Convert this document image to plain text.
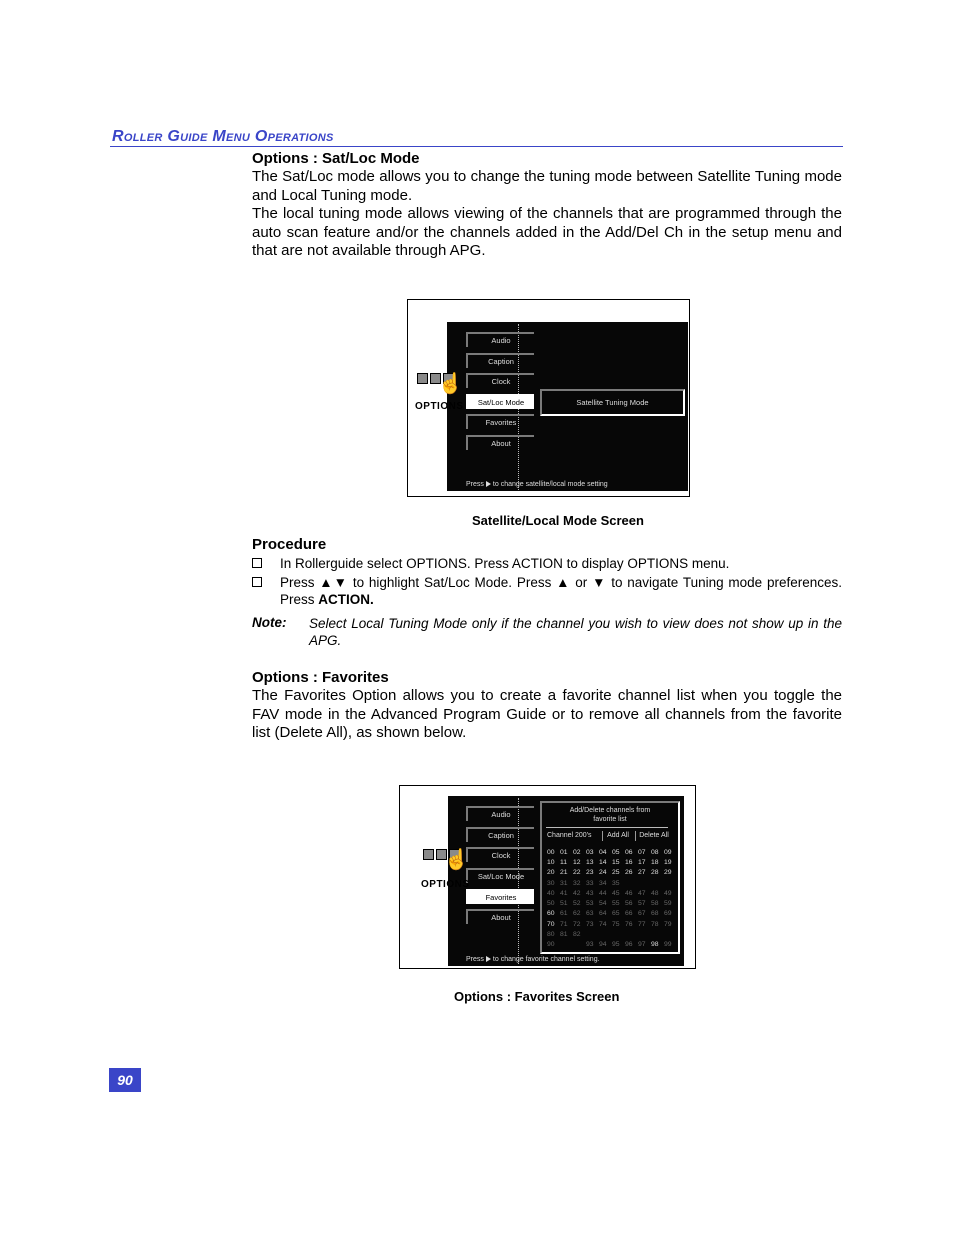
Roller Guide Menu Operations
Options : Sat/Loc Mode
The Sat/Loc mode allows you to change the tuning mode between Satellite Tuning mode and Local Tuning mode.
The local tuning mode allows viewing of the channels that are programmed through the auto scan feature and/or the channels added in the Add/Del Ch in the setup menu and that are not available through APG.
Audio
Caption
Clock
Sat/Loc Mode
Favorites
About
Satellite Tuning Mode
☝
OPTIONS
Press to change satellite/local mode setting
Satellite/Local Mode Screen
Procedure
In Rollerguide select OPTIONS. Press ACTION to display OPTIONS menu.
Press ▲▼ to highlight Sat/Loc Mode. Press ▲ or ▼ to navigate Tuning mode preferences. Press ACTION.
Note: Select Local Tuning Mode only if the channel you wish to view does not show up in the APG.
Options : Favorites
The Favorites Option allows you to create a favorite channel list when you toggle the FAV mode in the Advanced Program Guide or to remove all channels from the favorite list (Delete All), as shown below.
Audio
Caption
Clock
Sat/Loc Mode
Favorites
About
Add/Delete channels from favorite list
Channel 200's	Add All	Delete All
00	01	02	03	04	05	06	07	08	09
10	11	12	13	14	15	16	17	18	19
20	21	22	23	24	25	26	27	28	29
30	31	32	33	34	35				
40	41	42	43	44	45	46	47	48	49
50	51	52	53	54	55	56	57	58	59
60	61	62	63	64	65	66	67	68	69
70	71	72	73	74	75	76	77	78	79
80	81	82							
90			93	94	95	96	97	98	99
☝
OPTIONS
Press to change favorite channel setting.
Options : Favorites Screen
90
